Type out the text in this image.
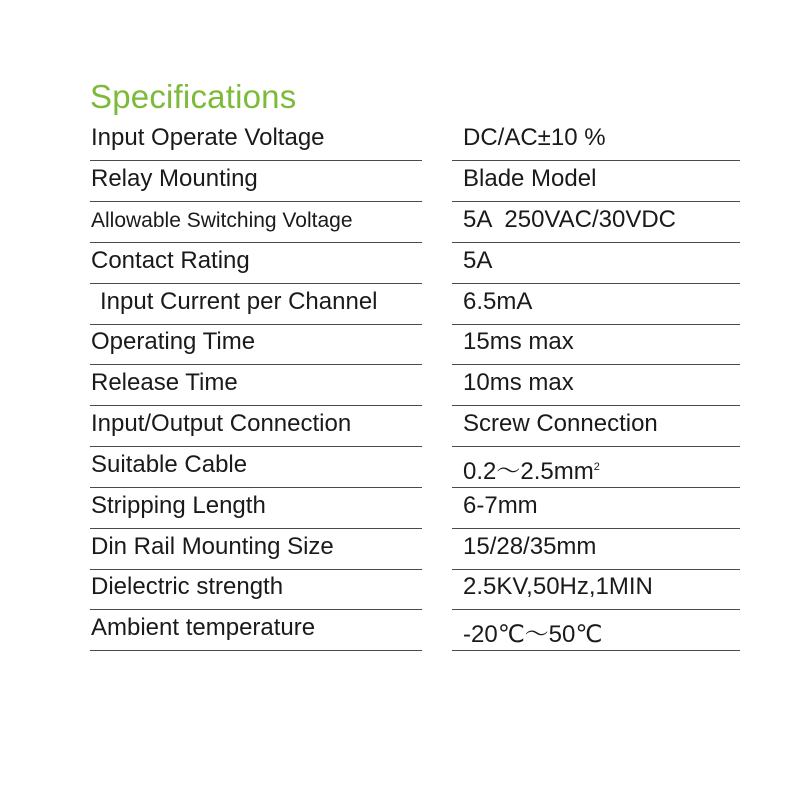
Specifications
Input Operate Voltage	DC/AC±10 %
Relay Mounting	Blade Model
Allowable Switching Voltage	5A  250VAC/30VDC
Contact Rating	5A
Input Current per Channel	6.5mA
Operating Time	15ms max
Release Time	10ms max
Input/Output Connection	Screw Connection
Suitable Cable	$0.2\sim 2.5mm^2$
Stripping Length	6-7mm
Din Rail Mounting Size	15/28/35mm
Dielectric strength	2.5KV,50Hz,1MIN
Ambient temperature	-20℃～50℃
